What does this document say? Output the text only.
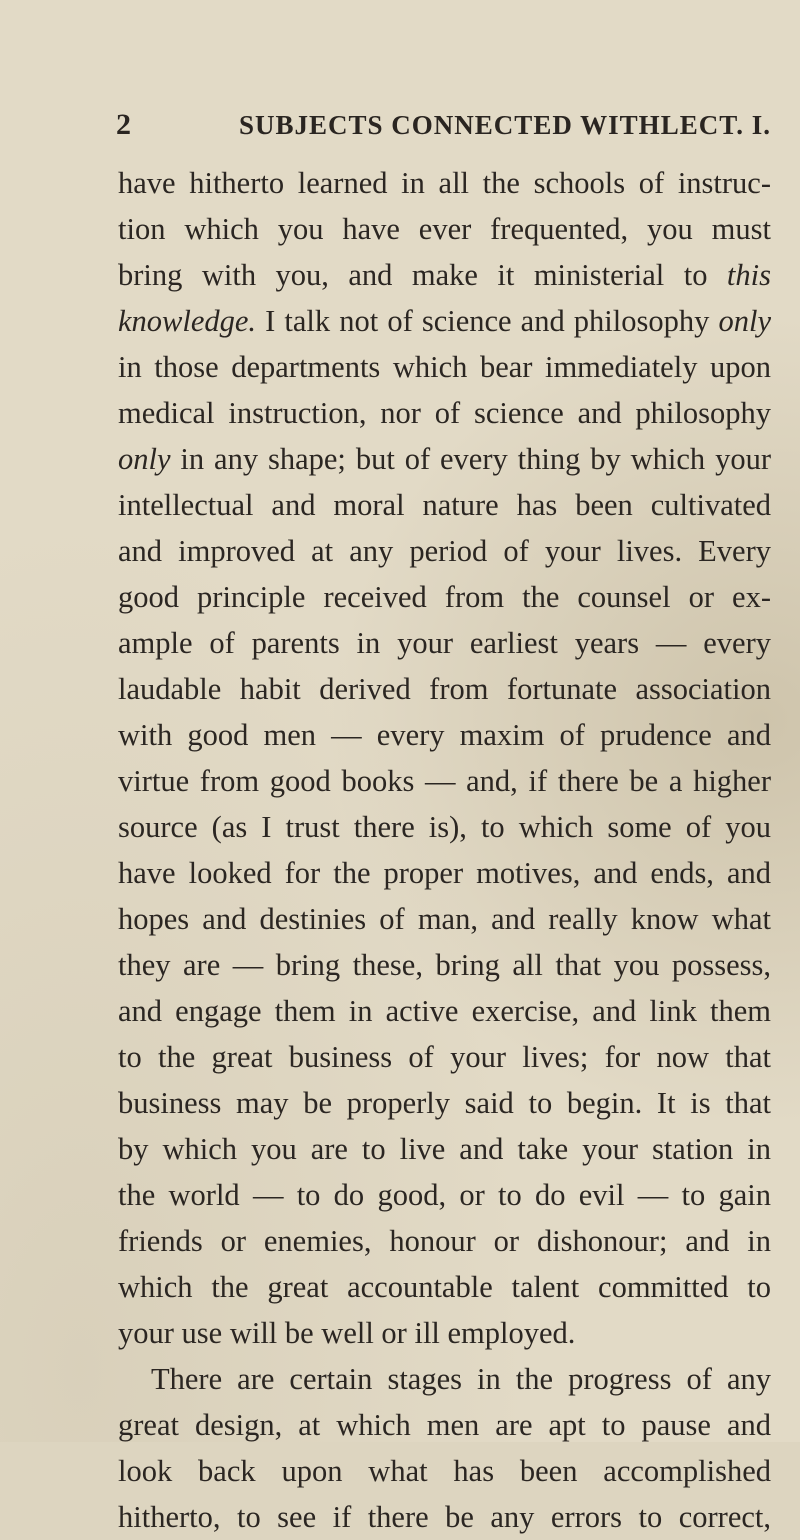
2	SUBJECTS CONNECTED WITH LECT. I.
have hitherto learned in all the schools of instruc-
tion which you have ever frequented, you must
bring with you, and make it ministerial to this
knowledge. I talk not of science and philosophy only
in those departments which bear immediately upon
medical instruction, nor of science and philosophy
only in any shape; but of every thing by which your
intellectual and moral nature has been cultivated
and improved at any period of your lives. Every
good principle received from the counsel or ex-
ample of parents in your earliest years — every
laudable habit derived from fortunate association
with good men — every maxim of prudence and
virtue from good books — and, if there be a higher
source (as I trust there is), to which some of you
have looked for the proper motives, and ends, and
hopes and destinies of man, and really know what
they are — bring these, bring all that you possess,
and engage them in active exercise, and link them
to the great business of your lives; for now that
business may be properly said to begin. It is that
by which you are to live and take your station in
the world — to do good, or to do evil — to gain
friends or enemies, honour or dishonour; and in
which the great accountable talent committed to
your use will be well or ill employed.
There are certain stages in the progress of any
great design, at which men are apt to pause and
look back upon what has been accomplished
hitherto, to see if there be any errors to correct,
